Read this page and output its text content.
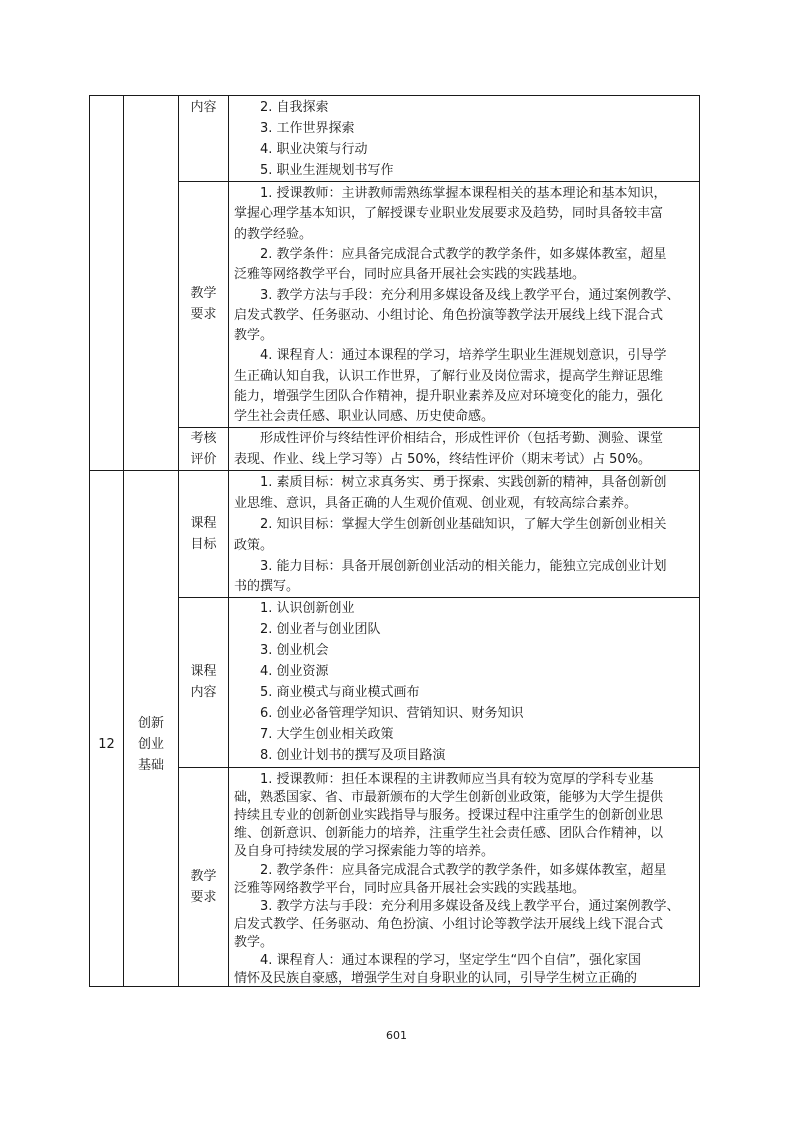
内容	2. 自我探索
3. 工作世界探索
4. 职业决策与行动
5. 职业生涯规划书写作
教学
要求
1. 授课教师：主讲教师需熟练掌握本课程相关的基本理论和基本知识，
掌握心理学基本知识，了解授课专业职业发展要求及趋势，同时具备较丰富
的教学经验。
2. 教学条件：应具备完成混合式教学的教学条件，如多媒体教室，超星
泛雅等网络教学平台，同时应具备开展社会实践的实践基地。
3. 教学方法与手段：充分利用多媒设备及线上教学平台，通过案例教学、
启发式教学、任务驱动、小组讨论、角色扮演等教学法开展线上线下混合式
教学。
4. 课程育人：通过本课程的学习，培养学生职业生涯规划意识，引导学
生正确认知自我，认识工作世界，了解行业及岗位需求，提高学生辩证思维
能力，增强学生团队合作精神，提升职业素养及应对环境变化的能力，强化
学生社会责任感、职业认同感、历史使命感。
考核
评价
形成性评价与终结性评价相结合，形成性评价（包括考勤、测验、课堂
表现、作业、线上学习等）占 50%，终结性评价（期末考试）占 50%。
12
创新
创业
基础
课程
目标
1. 素质目标：树立求真务实、勇于探索、实践创新的精神，具备创新创
业思维、意识，具备正确的人生观价值观、创业观，有较高综合素养。
2. 知识目标：掌握大学生创新创业基础知识，了解大学生创新创业相关
政策。
3. 能力目标：具备开展创新创业活动的相关能力，能独立完成创业计划
书的撰写。
课程
内容
1. 认识创新创业
2. 创业者与创业团队
3. 创业机会
4. 创业资源
5. 商业模式与商业模式画布
6. 创业必备管理学知识、营销知识、财务知识
7. 大学生创业相关政策
8. 创业计划书的撰写及项目路演
教学
要求
1. 授课教师：担任本课程的主讲教师应当具有较为宽厚的学科专业基
础，熟悉国家、省、市最新颁布的大学生创新创业政策，能够为大学生提供
持续且专业的创新创业实践指导与服务。授课过程中注重学生的创新创业思
维、创新意识、创新能力的培养，注重学生社会责任感、团队合作精神，以
及自身可持续发展的学习探索能力等的培养。
2. 教学条件：应具备完成混合式教学的教学条件，如多媒体教室，超星
泛雅等网络教学平台，同时应具备开展社会实践的实践基地。
3. 教学方法与手段：充分利用多媒设备及线上教学平台，通过案例教学、
启发式教学、任务驱动、角色扮演、小组讨论等教学法开展线上线下混合式
教学。
4. 课程育人：通过本课程的学习，坚定学生“四个自信”，强化家国
情怀及民族自豪感，增强学生对自身职业的认同，引导学生树立正确的
601
